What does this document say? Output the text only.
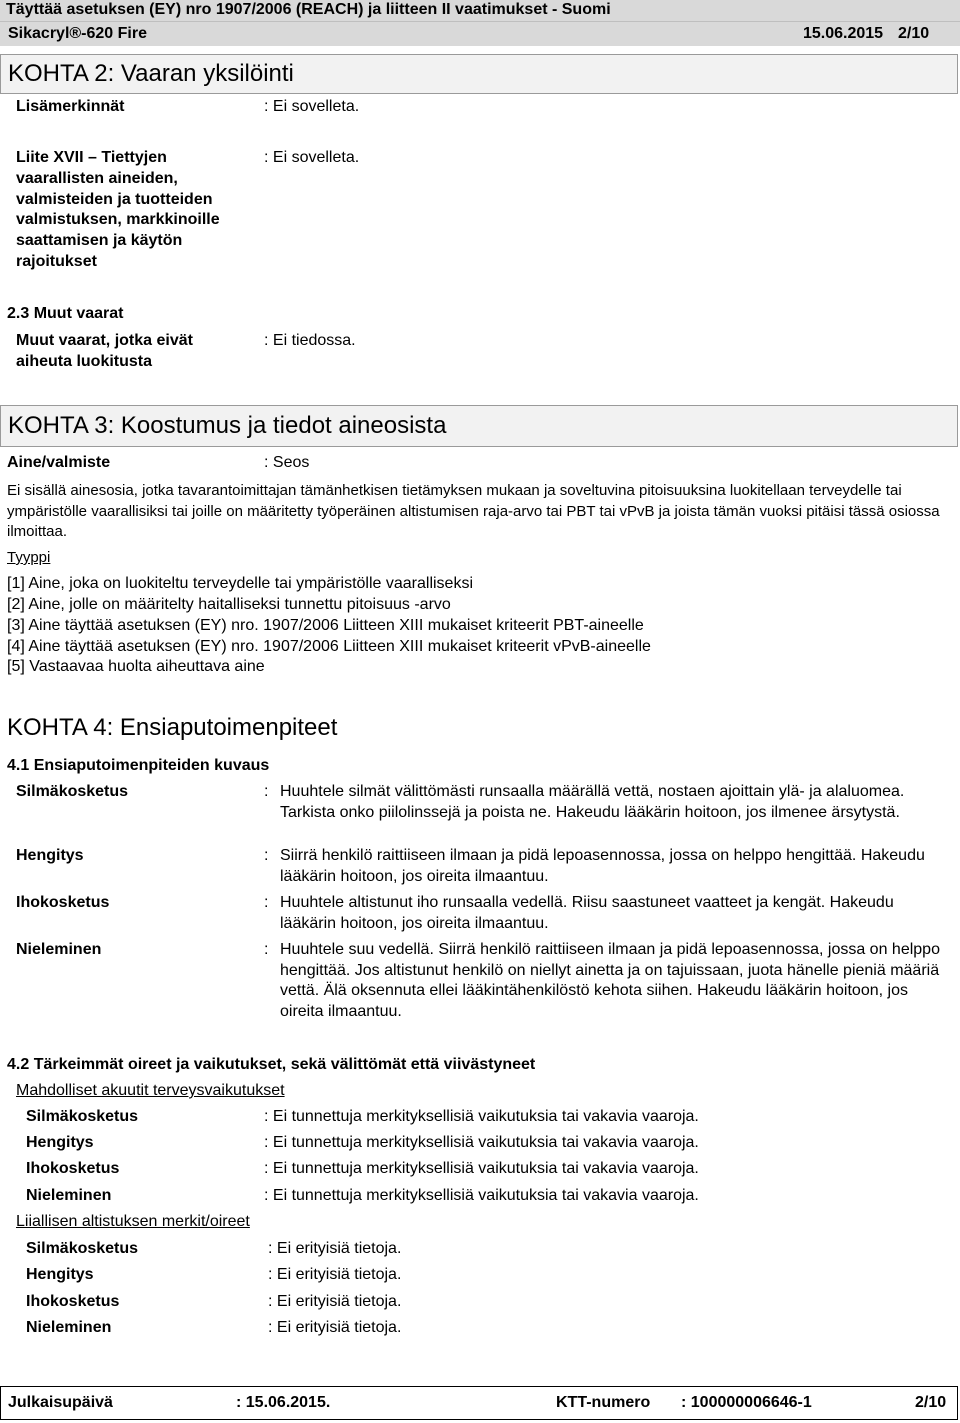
Täyttää asetuksen (EY) nro 1907/2006 (REACH) ja liitteen II vaatimukset - Suomi
Sikacryl®-620 Fire	15.06.2015 2/10
KOHTA 2: Vaaran yksilöinti
Lisämerkinnät	: Ei sovelleta.
Liite XVII – Tiettyjen vaarallisten aineiden, valmisteiden ja tuotteiden valmistuksen, markkinoille saattamisen ja käytön rajoitukset
: Ei sovelleta.
2.3 Muut vaarat
Muut vaarat, jotka eivät aiheuta luokitusta
: Ei tiedossa.
KOHTA 3: Koostumus ja tiedot aineosista
Aine/valmiste	: Seos
Ei sisällä ainesosia, jotka tavarantoimittajan tämänhetkisen tietämyksen mukaan ja soveltuvina pitoisuuksina luokitellaan terveydelle tai ympäristölle vaarallisiksi tai joille on määritetty työperäinen altistumisen raja-arvo tai PBT tai vPvB ja joista tämän vuoksi pitäisi tässä osiossa ilmoittaa.
Tyyppi
[1] Aine, joka on luokiteltu terveydelle tai ympäristölle vaaralliseksi
[2] Aine, jolle on määritelty haitalliseksi tunnettu pitoisuus -arvo
[3] Aine täyttää asetuksen (EY) nro. 1907/2006 Liitteen XIII mukaiset kriteerit PBT-aineelle
[4] Aine täyttää asetuksen (EY) nro. 1907/2006 Liitteen XIII mukaiset kriteerit vPvB-aineelle
[5] Vastaavaa huolta aiheuttava aine
KOHTA 4: Ensiaputoimenpiteet
4.1 Ensiaputoimenpiteiden kuvaus
Silmäkosketus	: Huuhtele silmät välittömästi runsaalla määrällä vettä, nostaen ajoittain ylä- ja alaluomea. Tarkista onko piilolinssejä ja poista ne. Hakeudu lääkärin hoitoon, jos ilmenee ärsytystä.
Hengitys	: Siirrä henkilö raittiiseen ilmaan ja pidä lepoasennossa, jossa on helppo hengittää. Hakeudu lääkärin hoitoon, jos oireita ilmaantuu.
Ihokosketus	: Huuhtele altistunut iho runsaalla vedellä. Riisu saastuneet vaatteet ja kengät. Hakeudu lääkärin hoitoon, jos oireita ilmaantuu.
Nieleminen	: Huuhtele suu vedellä. Siirrä henkilö raittiiseen ilmaan ja pidä lepoasennossa, jossa on helppo hengittää. Jos altistunut henkilö on niellyt ainetta ja on tajuissaan, juota hänelle pieniä määriä vettä. Älä oksennuta ellei lääkintähenkilöstö kehota siihen. Hakeudu lääkärin hoitoon, jos oireita ilmaantuu.
4.2 Tärkeimmät oireet ja vaikutukset, sekä välittömät että viivästyneet
Mahdolliset akuutit terveysvaikutukset
Silmäkosketus	: Ei tunnettuja merkityksellisiä vaikutuksia tai vakavia vaaroja.
Hengitys	: Ei tunnettuja merkityksellisiä vaikutuksia tai vakavia vaaroja.
Ihokosketus	: Ei tunnettuja merkityksellisiä vaikutuksia tai vakavia vaaroja.
Nieleminen	: Ei tunnettuja merkityksellisiä vaikutuksia tai vakavia vaaroja.
Liiallisen altistuksen merkit/oireet
Silmäkosketus	: Ei erityisiä tietoja.
Hengitys	: Ei erityisiä tietoja.
Ihokosketus	: Ei erityisiä tietoja.
Nieleminen	: Ei erityisiä tietoja.
Julkaisupäivä	: 15.06.2015.	KTT-numero : 100000006646-1	2/10
